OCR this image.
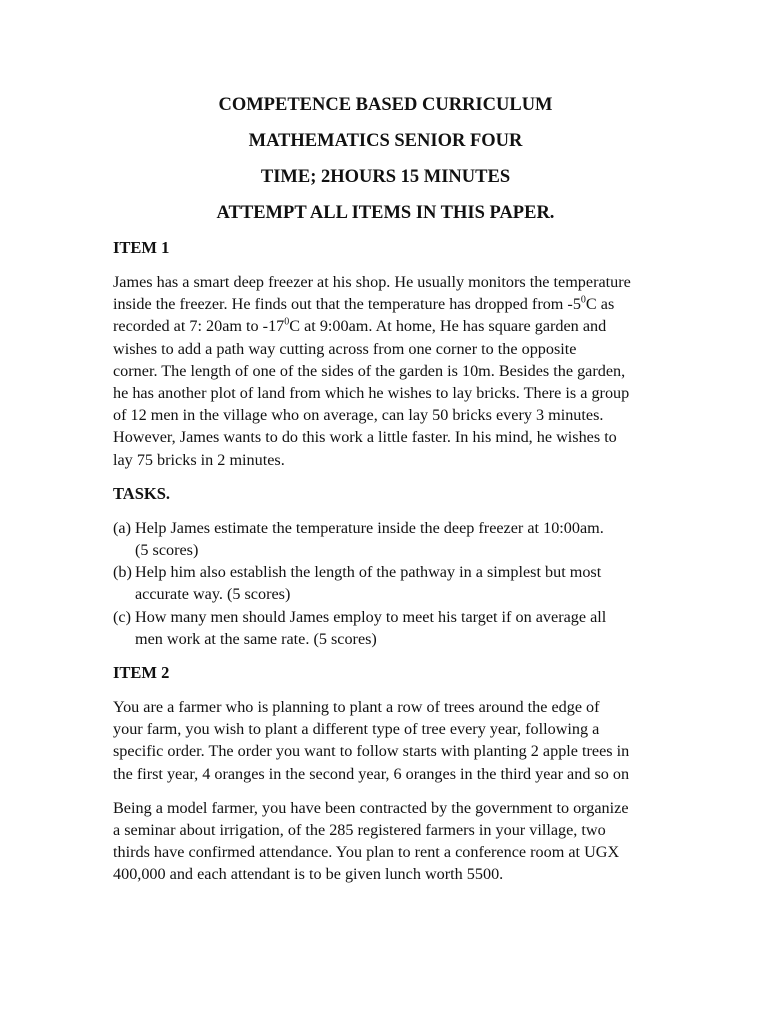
COMPETENCE BASED CURRICULUM
MATHEMATICS SENIOR FOUR
TIME; 2HOURS 15 MINUTES
ATTEMPT ALL ITEMS IN THIS PAPER.
ITEM 1
James has a smart deep freezer at his shop. He usually monitors the temperature
inside the freezer. He finds out that the temperature has dropped from $-5^0C$ as
recorded at 7: 20am to $-17^0C$ at 9:00am. At home, He has square garden and
wishes to add a path way cutting across from one corner to the opposite
corner. The length of one of the sides of the garden is 10m. Besides the garden,
he has another plot of land from which he wishes to lay bricks. There is a group
of 12 men in the village who on average, can lay 50 bricks every 3 minutes.
However, James wants to do this work a little faster. In his mind, he wishes to
lay 75 bricks in 2 minutes.
TASKS.
(a) Help James estimate the temperature inside the deep freezer at 10:00am.
(5 scores)
(b) Help him also establish the length of the pathway in a simplest but most
accurate way. (5 scores)
(c) How many men should James employ to meet his target if on average all
men work at the same rate. (5 scores)
ITEM 2
You are a farmer who is planning to plant a row of trees around the edge of
your farm, you wish to plant a different type of tree every year, following a
specific order. The order you want to follow starts with planting 2 apple trees in
the first year, 4 oranges in the second year, 6 oranges in the third year and so on
Being a model farmer, you have been contracted by the government to organize
a seminar about irrigation, of the 285 registered farmers in your village, two
thirds have confirmed attendance. You plan to rent a conference room at UGX
400,000 and each attendant is to be given lunch worth 5500.
